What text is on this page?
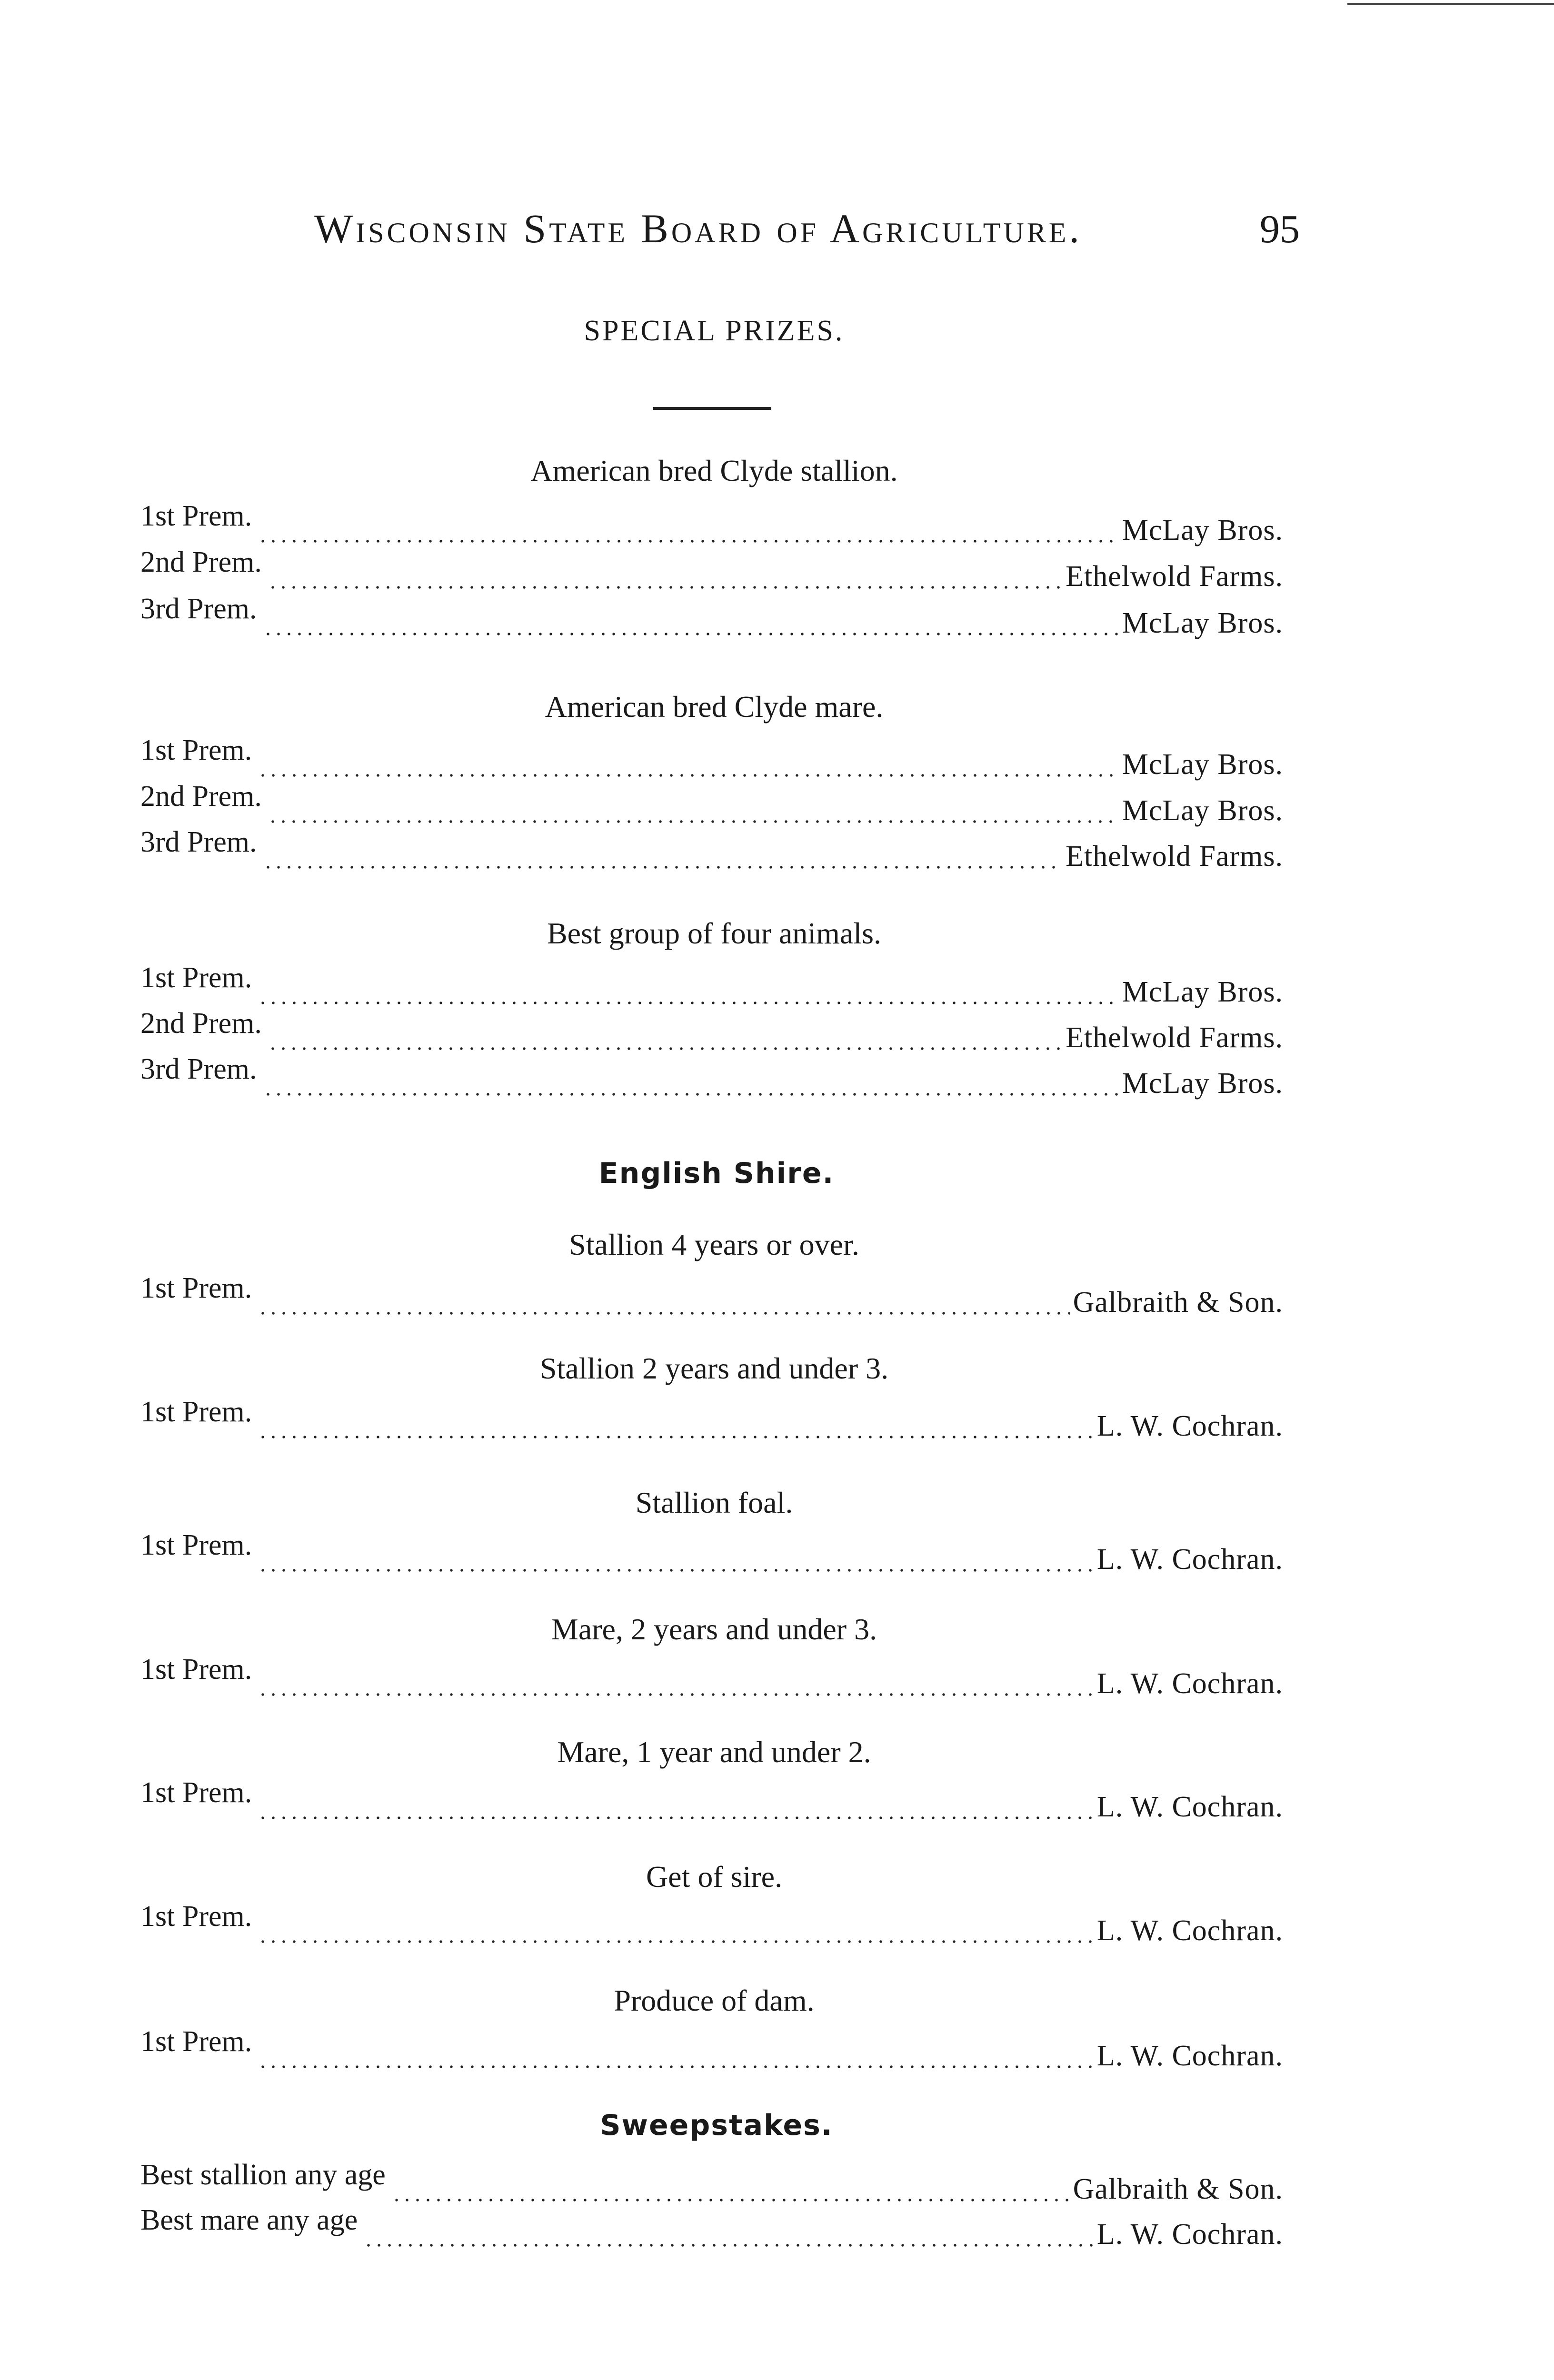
Wisconsin State Board of Agriculture.	95
SPECIAL PRIZES.
American bred Clyde stallion.
1st Prem.	McLay Bros.
2nd Prem.	Ethelwold Farms.
3rd Prem.	McLay Bros.
American bred Clyde mare.
1st Prem.	McLay Bros.
2nd Prem.	McLay Bros.
3rd Prem.	Ethelwold Farms.
Best group of four animals.
1st Prem.	McLay Bros.
2nd Prem.	Ethelwold Farms.
3rd Prem.	McLay Bros.
English Shire.
Stallion 4 years or over.
1st Prem.	Galbraith & Son.
Stallion 2 years and under 3.
1st Prem.	L. W. Cochran.
Stallion foal.
1st Prem.	L. W. Cochran.
Mare, 2 years and under 3.
1st Prem.	L. W. Cochran.
Mare, 1 year and under 2.
1st Prem.	L. W. Cochran.
Get of sire.
1st Prem.	L. W. Cochran.
Produce of dam.
1st Prem.	L. W. Cochran.
Sweepstakes.
Best stallion any age	Galbraith & Son.
Best mare any age	L. W. Cochran.
